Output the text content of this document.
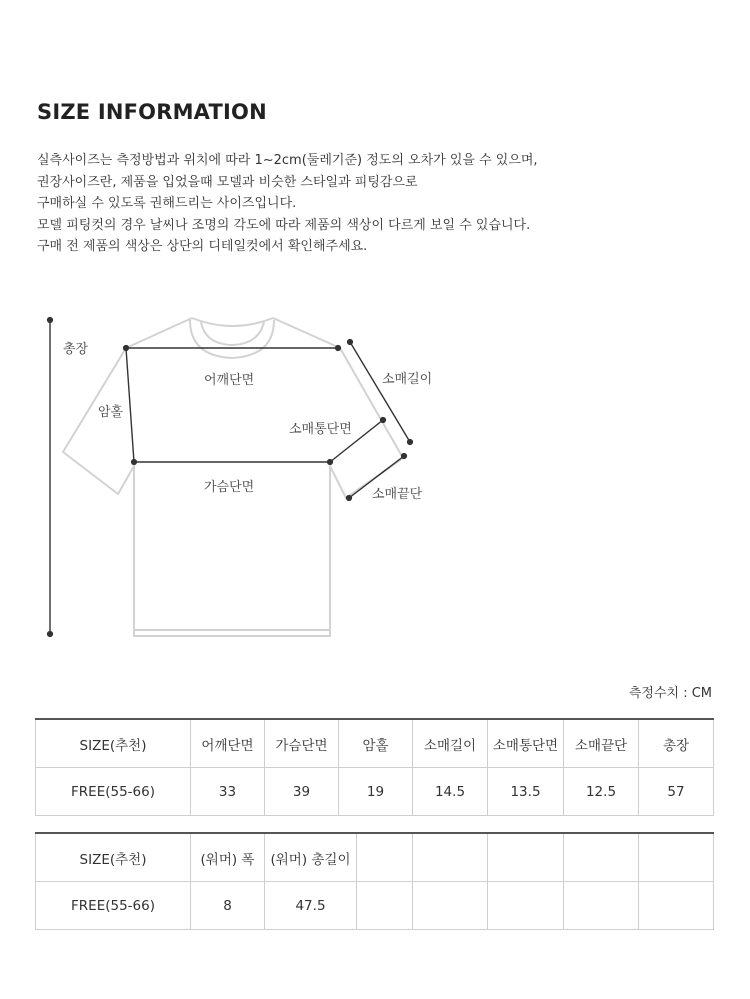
SIZE INFORMATION
실측사이즈는 측정방법과 위치에 따라 1~2cm(둘레기준) 정도의 오차가 있을 수 있으며,
권장사이즈란, 제품을 입었을때 모델과 비슷한 스타일과 피팅감으로
구매하실 수 있도록 권해드리는 사이즈입니다.
모델 피팅컷의 경우 날씨나 조명의 각도에 따라 제품의 색상이 다르게 보일 수 있습니다.
구매 전 제품의 색상은 상단의 디테일컷에서 확인해주세요.
총장
어깨단면
암홀
소매길이
소매통단면
가슴단면	소매끝단
측정수치 : CM
SIZE(추천)	어깨단면	가슴단면	암홀	소매길이	소매통단면	소매끝단	총장
FREE(55-66)	33	39	19	14.5	13.5	12.5	57
SIZE(추천)	(워머) 폭	(워머) 총길이					
FREE(55-66)	8	47.5					
